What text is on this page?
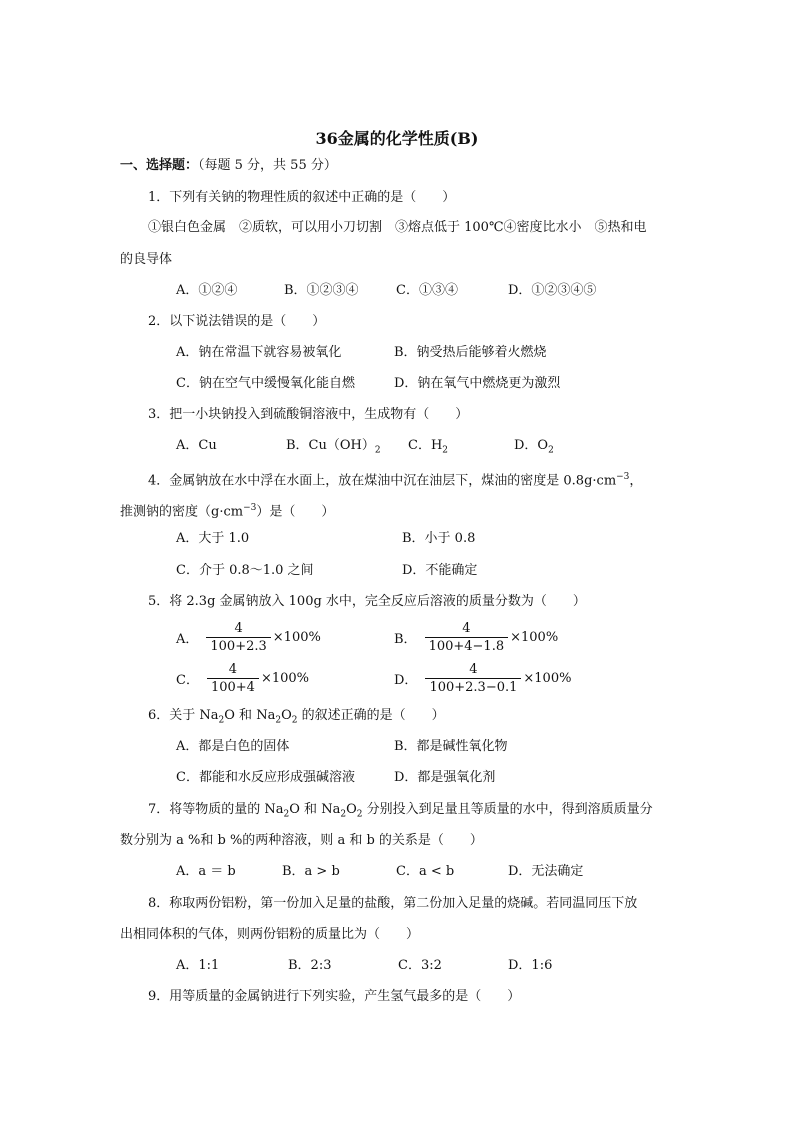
36金属的化学性质(B)
一、选择题：（每题 5 分，共 55 分）
1．下列有关钠的物理性质的叙述中正确的是（　　）
①银白色金属　②质软，可以用小刀切割　③熔点低于 100℃④密度比水小　⑤热和电
的良导体
A．①②④	B．①②③④	C．①③④	D．①②③④⑤
2．以下说法错误的是（　　）
A．钠在常温下就容易被氧化	B．钠受热后能够着火燃烧
C．钠在空气中缓慢氧化能自燃	D．钠在氧气中燃烧更为激烈
3．把一小块钠投入到硫酸铜溶液中，生成物有（　　）
A．Cu	B．$Cu(OH)_2$ C．$H_2$	D．$O_2$
4．金属钠放在水中浮在水面上，放在煤油中沉在油层下，煤油的密度是 $0.8g\cdot cm^{-3}$，
推测钠的密度$(g\cdot cm^{-3})$是（　　）
A．大于 1.0	B．小于 0.8
C．介于 0.8～1.0 之间	D．不能确定
5．将 2.3g 金属钠放入 100g 水中，完全反应后溶液的质量分数为（　　）
A． $\frac{4}{100+2.3} \times 100\%$	B． $\frac{4}{100+4-1.8} \times 100\%$
C． $\frac{4}{100+4} \times 100\%$	D． $\frac{4}{100+2.3-0.1} \times 100\%$
6．关于 $Na_2O$ 和 $Na_2O_2$ 的叙述正确的是（　　）
A．都是白色的固体	B．都是碱性氧化物
C．都能和水反应形成强碱溶液	D．都是强氧化剂
7．将等物质的量的 $Na_2O$ 和 $Na_2O_2$ 分别投入到足量且等质量的水中，得到溶质质量分
数分别为 a %和 b %的两种溶液，则 a 和 b 的关系是（　　）
A．a ＝ b	B．a > b	C．a < b	D．无法确定
8．称取两份铝粉，第一份加入足量的盐酸，第二份加入足量的烧碱。若同温同压下放
出相同体积的气体，则两份铝粉的质量比为（　　）
A．1:1	B．2:3	C．3:2	D．1:6
9．用等质量的金属钠进行下列实验，产生氢气最多的是（　　）
